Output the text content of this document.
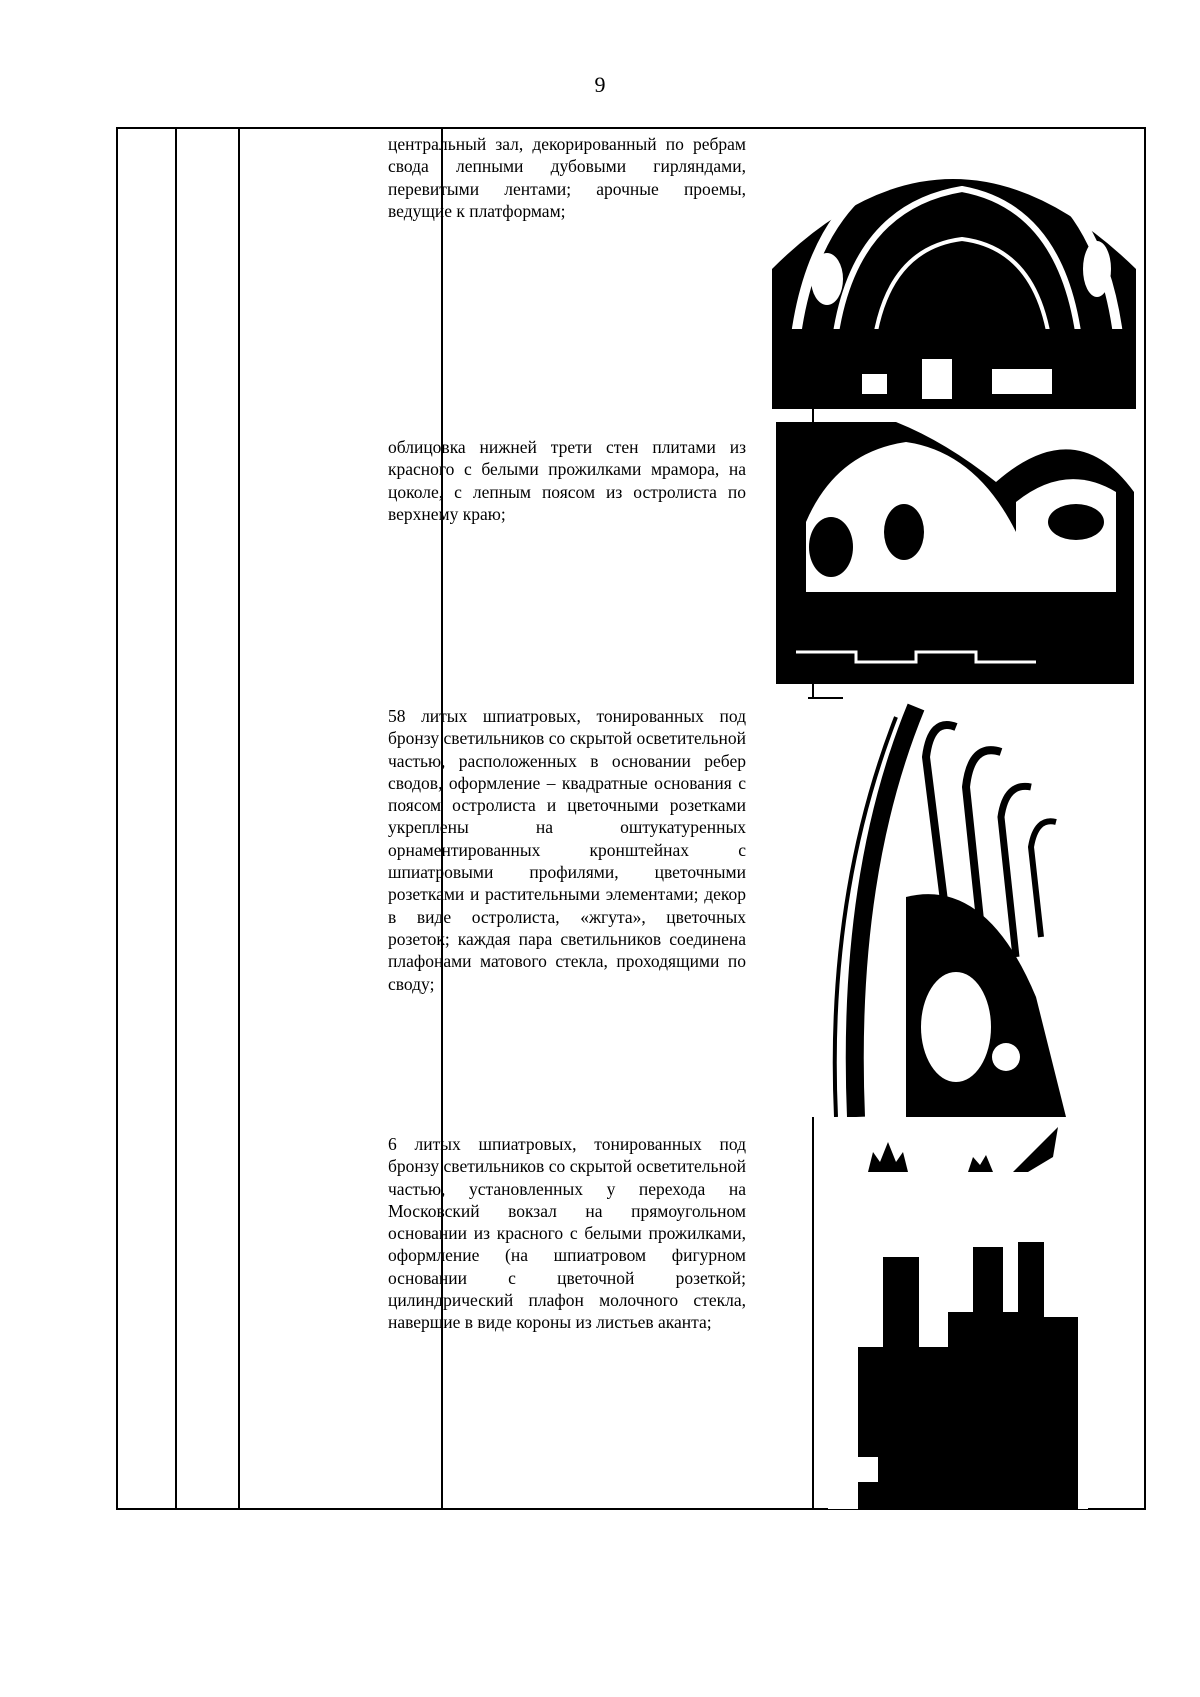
9
центральный зал, декорированный по ребрам свода лепными дубовыми гирляндами, перевитыми лентами; арочные проемы, ведущие к платформам;
облицовка нижней трети стен плитами из красного с белыми прожилками мрамора, на цоколе, с лепным поясом из остролиста по верхнему краю;
58 литых шпиатровых, тонированных под бронзу светильников со скрытой осветительной частью, расположенных в основании ребер сводов, оформление – квадратные основания с поясом остролиста и цветочными розетками укреплены на оштукатуренных орнаментированных кронштейнах с шпиатровыми профилями, цветочными розетками и растительными элементами; декор в виде остролиста, «жгута», цветочных розеток; каждая пара светильников соединена плафонами матового стекла, проходящими по своду;
6 литых шпиатровых, тонированных под бронзу светильников со скрытой осветительной частью, установленных у перехода на Московский вокзал на прямоугольном основании из красного с белыми прожилками, оформление (на шпиатровом фигурном основании с цветочной розеткой; цилиндрический плафон молочного стекла, навершие в виде короны из листьев аканта;
